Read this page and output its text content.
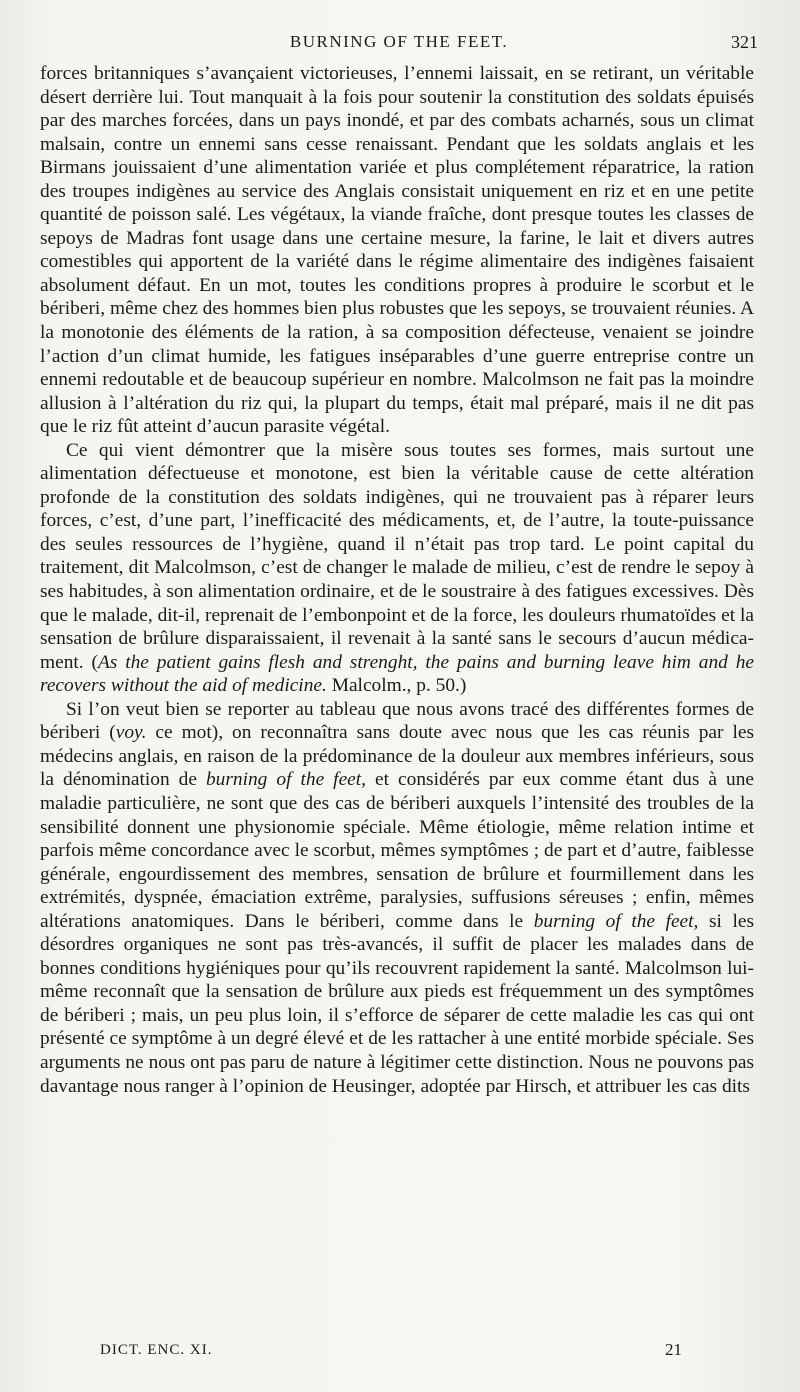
BURNING OF THE FEET.	321

forces britanniques s’avançaient victorieuses, l’ennemi laissait, en se retirant, un véritable désert derrière lui. Tout manquait à la fois pour soutenir la constitution des soldats épuisés par des marches forcées, dans un pays inondé, et par des combats acharnés, sous un climat malsain, contre un ennemi sans cesse renaissant. Pendant que les soldats anglais et les Birmans jouissaient d’une alimentation variée et plus complétement réparatrice, la ration des troupes indigènes au service des Anglais consistait uniquement en riz et en une petite quantité de poisson salé. Les végétaux, la viande fraîche, dont presque toutes les classes de sepoys de Madras font usage dans une certaine mesure, la farine, le lait et divers autres comestibles qui apportent de la variété dans le régime alimentaire des indigènes faisaient absolument défaut. En un mot, toutes les conditions propres à produire le scorbut et le bériberi, même chez des hommes bien plus robustes que les sepoys, se trouvaient réunies. A la monotonie des éléments de la ration, à sa composition défecteuse, venaient se joindre l’action d’un climat humide, les fatigues inséparables d’une guerre entreprise contre un ennemi redoutable et de beaucoup supérieur en nombre. Malcolmson ne fait pas la moindre allusion à l’altération du riz qui, la plupart du temps, était mal préparé, mais il ne dit pas que le riz fût atteint d’aucun parasite végétal.

Ce qui vient démontrer que la misère sous toutes ses formes, mais surtout une alimentation défectueuse et monotone, est bien la véritable cause de cette altération profonde de la constitution des soldats indigènes, qui ne trouvaient pas à réparer leurs forces, c’est, d’une part, l’inefficacité des médicaments, et, de l’autre, la toute-puissance des seules ressources de l’hygiène, quand il n’était pas trop tard. Le point capital du traitement, dit Malcolmson, c’est de changer le malade de milieu, c’est de rendre le sepoy à ses habitudes, à son alimentation ordinaire, et de le soustraire à des fatigues excessives. Dès que le malade, dit-il, reprenait de l’embonpoint et de la force, les douleurs rhumatoïdes et la sensation de brûlure disparaissaient, il revenait à la santé sans le secours d’aucun médicament. (As the patient gains flesh and strenght, the pains and burning leave him and he recovers without the aid of medicine. Malcolm., p. 50.)

Si l’on veut bien se reporter au tableau que nous avons tracé des différentes formes de bériberi (voy. ce mot), on reconnaîtra sans doute avec nous que les cas réunis par les médecins anglais, en raison de la prédominance de la douleur aux membres inférieurs, sous la dénomination de burning of the feet, et considérés par eux comme étant dus à une maladie particulière, ne sont que des cas de bériberi auxquels l’intensité des troubles de la sensibilité donnent une physionomie spéciale. Même étiologie, même relation intime et parfois même concordance avec le scorbut, mêmes symptômes ; de part et d’autre, faiblesse générale, engourdissement des membres, sensation de brûlure et fourmillement dans les extrémités, dyspnée, émaciation extrême, paralysies, suffusions séreuses ; enfin, mêmes altérations anatomiques. Dans le bériberi, comme dans le burning of the feet, si les désordres organiques ne sont pas très-avancés, il suffit de placer les malades dans de bonnes conditions hygiéniques pour qu’ils recouvrent rapidement la santé. Malcolmson lui-même reconnaît que la sensation de brûlure aux pieds est fréquemment un des symptômes de bériberi ; mais, un peu plus loin, il s’efforce de séparer de cette maladie les cas qui ont présenté ce symptôme à un degré élevé et de les rattacher à une entité morbide spéciale. Ses arguments ne nous ont pas paru de nature à légitimer cette distinction. Nous ne pouvons pas davantage nous ranger à l’opinion de Heusinger, adoptée par Hirsch, et attribuer les cas dits

DICT. ENC. XI.	21
